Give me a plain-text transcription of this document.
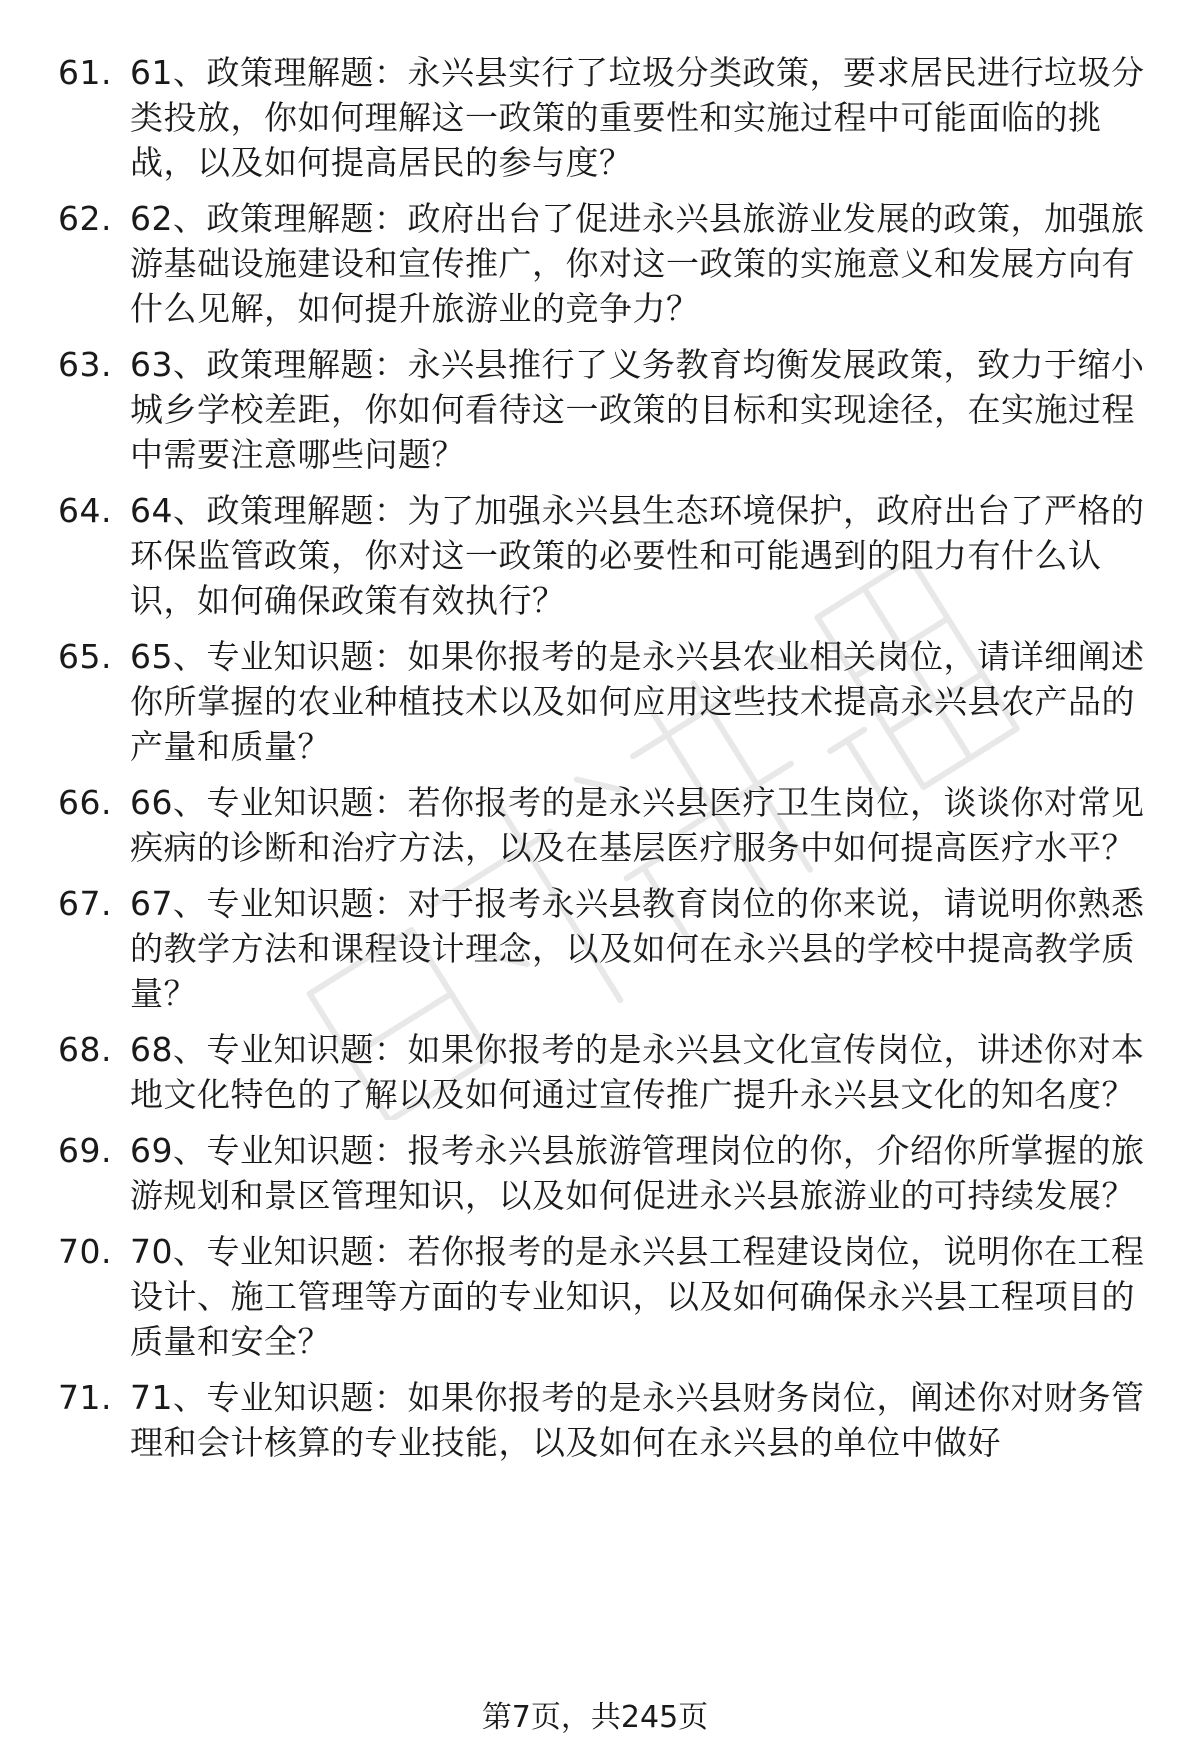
61. 61、政策理解题：永兴县实行了垃圾分类政策，要求居民进行垃圾分类投放，你如何理解这一政策的重要性和实施过程中可能面临的挑战，以及如何提高居民的参与度？
62. 62、政策理解题：政府出台了促进永兴县旅游业发展的政策，加强旅游基础设施建设和宣传推广，你对这一政策的实施意义和发展方向有什么见解，如何提升旅游业的竞争力？
63. 63、政策理解题：永兴县推行了义务教育均衡发展政策，致力于缩小城乡学校差距，你如何看待这一政策的目标和实现途径，在实施过程中需要注意哪些问题？
64. 64、政策理解题：为了加强永兴县生态环境保护，政府出台了严格的环保监管政策，你对这一政策的必要性和可能遇到的阻力有什么认识，如何确保政策有效执行？
65. 65、专业知识题：如果你报考的是永兴县农业相关岗位，请详细阐述你所掌握的农业种植技术以及如何应用这些技术提高永兴县农产品的产量和质量？
66. 66、专业知识题：若你报考的是永兴县医疗卫生岗位，谈谈你对常见疾病的诊断和治疗方法，以及在基层医疗服务中如何提高医疗水平？
67. 67、专业知识题：对于报考永兴县教育岗位的你来说，请说明你熟悉的教学方法和课程设计理念，以及如何在永兴县的学校中提高教学质量？
68. 68、专业知识题：如果你报考的是永兴县文化宣传岗位，讲述你对本地文化特色的了解以及如何通过宣传推广提升永兴县文化的知名度？
69. 69、专业知识题：报考永兴县旅游管理岗位的你，介绍你所掌握的旅游规划和景区管理知识，以及如何促进永兴县旅游业的可持续发展？
70. 70、专业知识题：若你报考的是永兴县工程建设岗位，说明你在工程设计、施工管理等方面的专业知识，以及如何确保永兴县工程项目的质量和安全？
71. 71、专业知识题：如果你报考的是永兴县财务岗位，阐述你对财务管理和会计核算的专业技能，以及如何在永兴县的单位中做好
第7页，共245页
